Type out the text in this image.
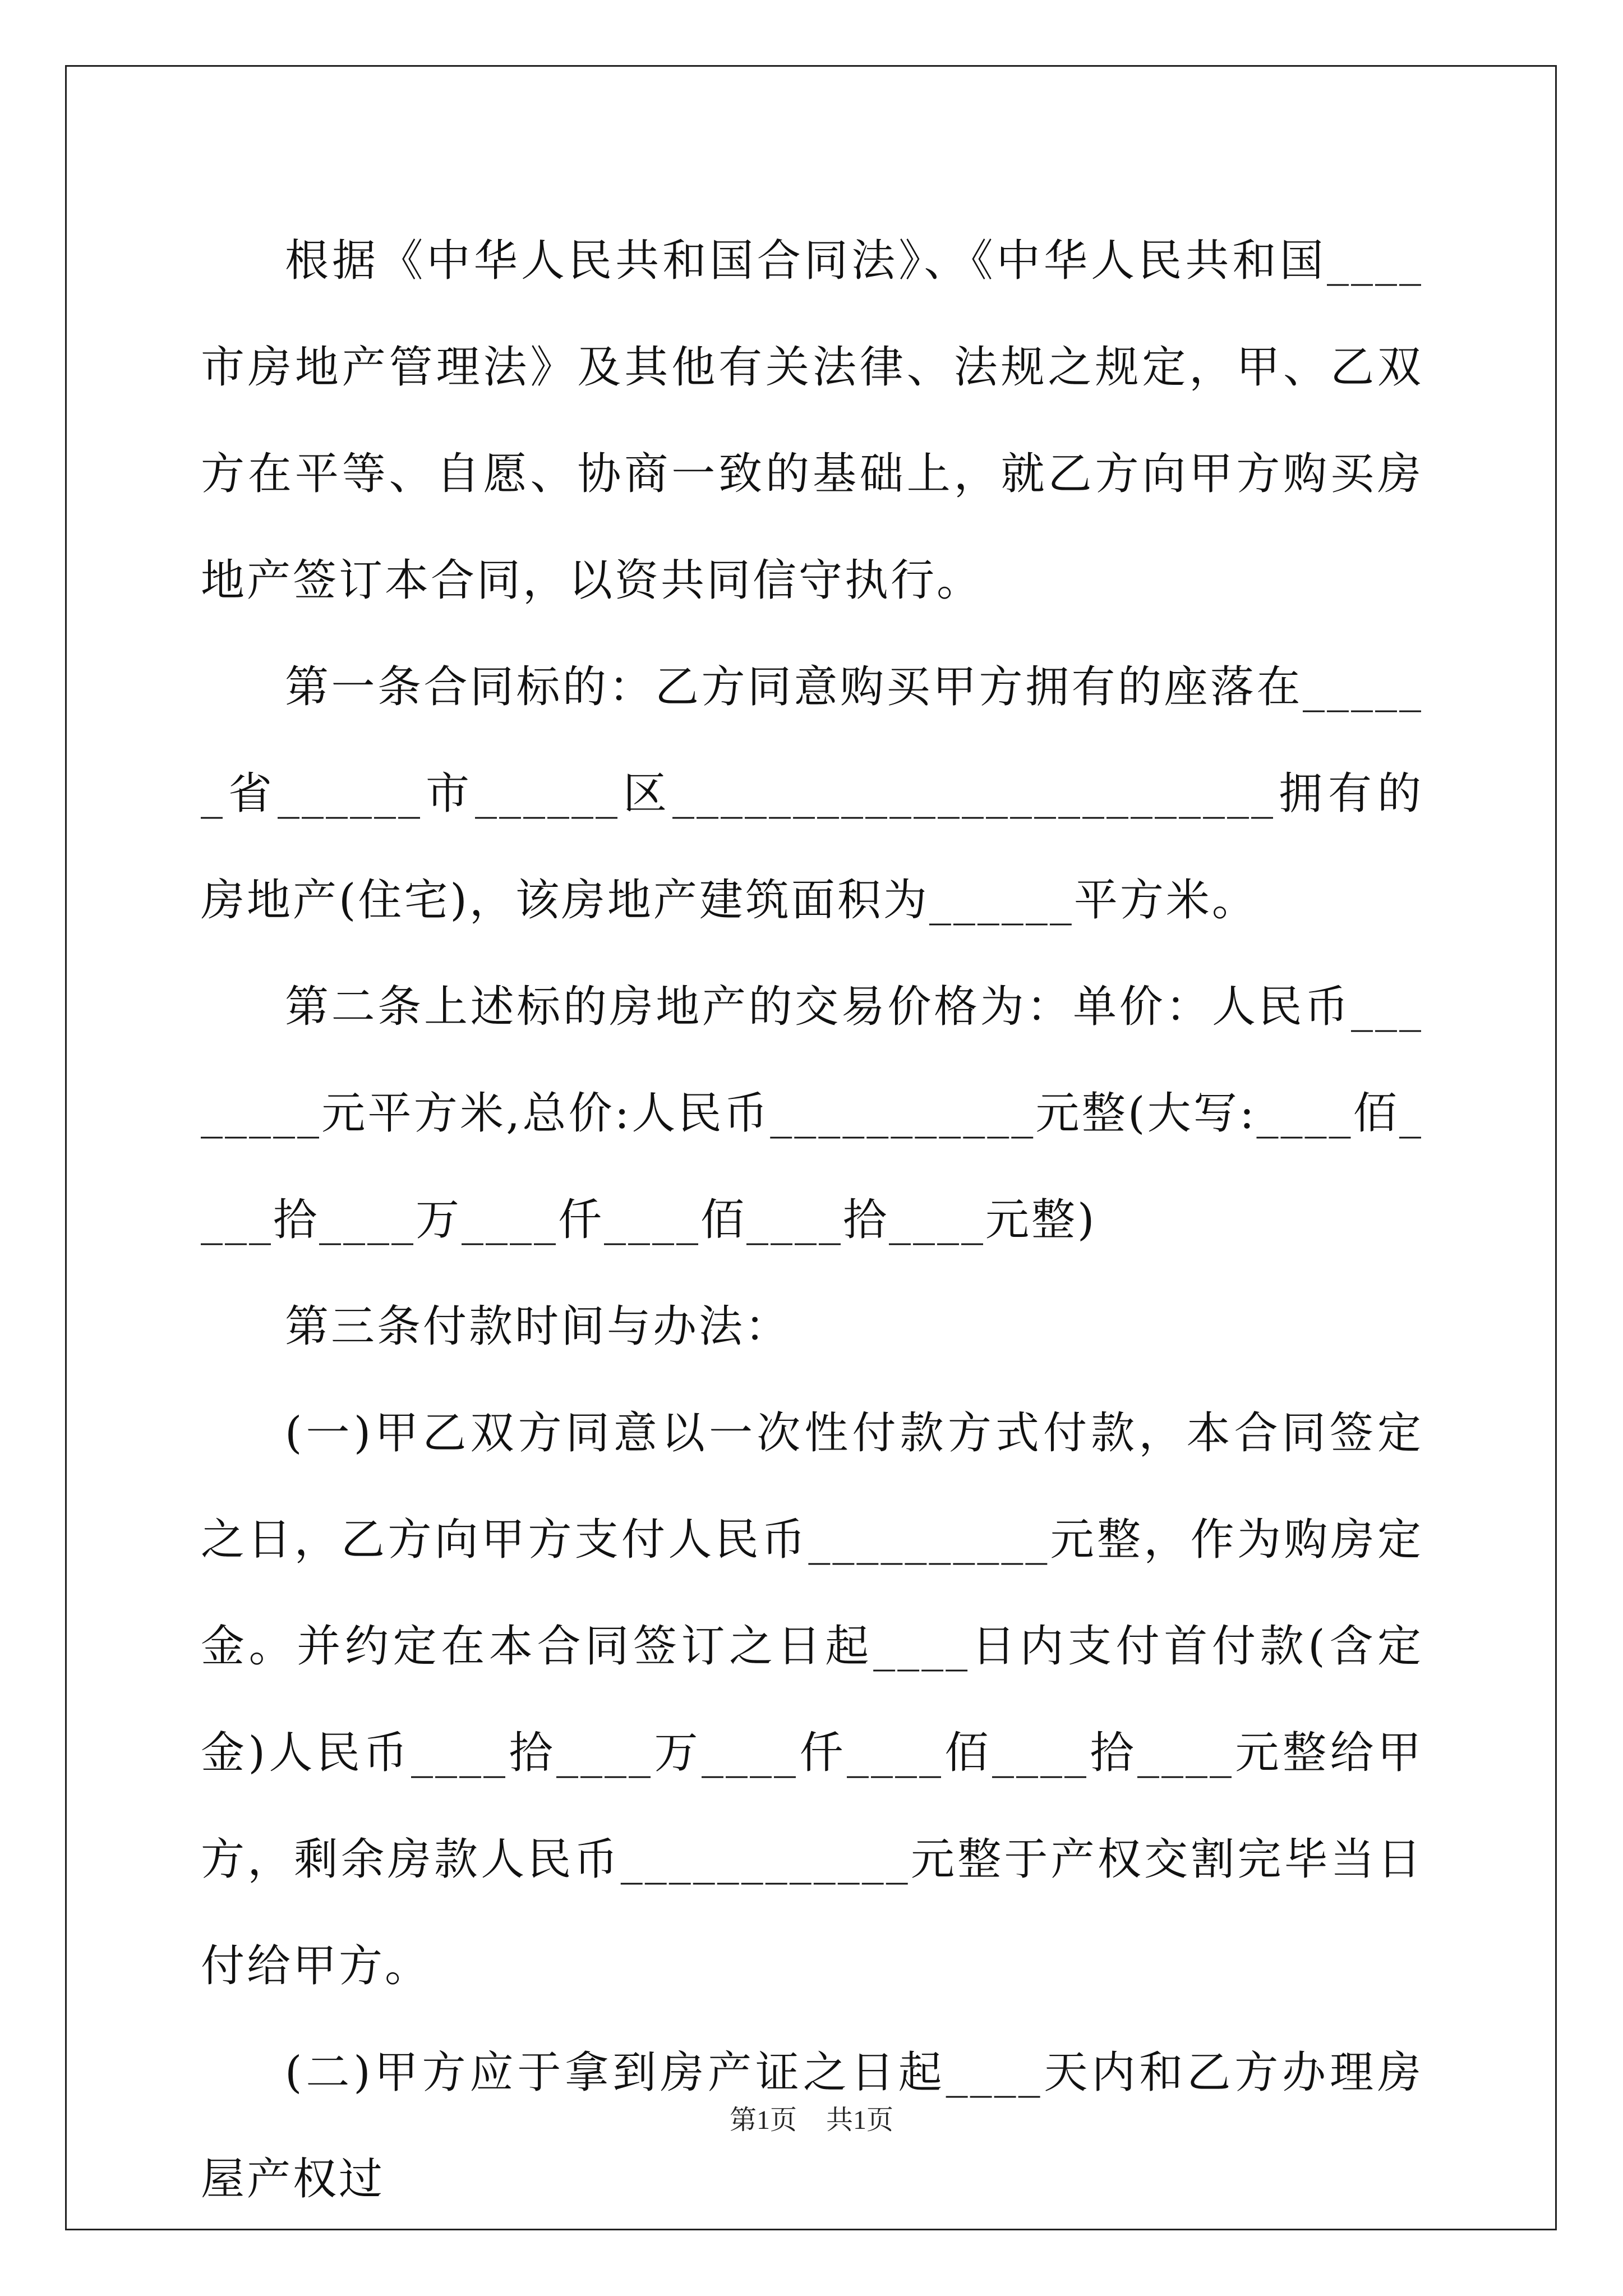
根据《中华人民共和国合同法》、《中华人民共和国____市房地产管理法》及其他有关法律、法规之规定，甲、乙双方在平等、自愿、协商一致的基础上，就乙方向甲方购买房地产签订本合同，以资共同信守执行。

第一条合同标的：乙方同意购买甲方拥有的座落在______省______市______区_________________________拥有的房地产(住宅)，该房地产建筑面积为______平方米。

第二条上述标的房地产的交易价格为：单价：人民币________元平方米,总价:人民币___________元整(大写:____佰____拾____万____仟____佰____拾____元整)

第三条付款时间与办法：

(一)甲乙双方同意以一次性付款方式付款，本合同签定之日，乙方向甲方支付人民币__________元整，作为购房定金。并约定在本合同签订之日起____日内支付首付款(含定金)人民币____拾____万____仟____佰____拾____元整给甲方，剩余房款人民币____________元整于产权交割完毕当日付给甲方。

(二)甲方应于拿到房产证之日起____天内和乙方办理房屋产权过

第1页 共1页
